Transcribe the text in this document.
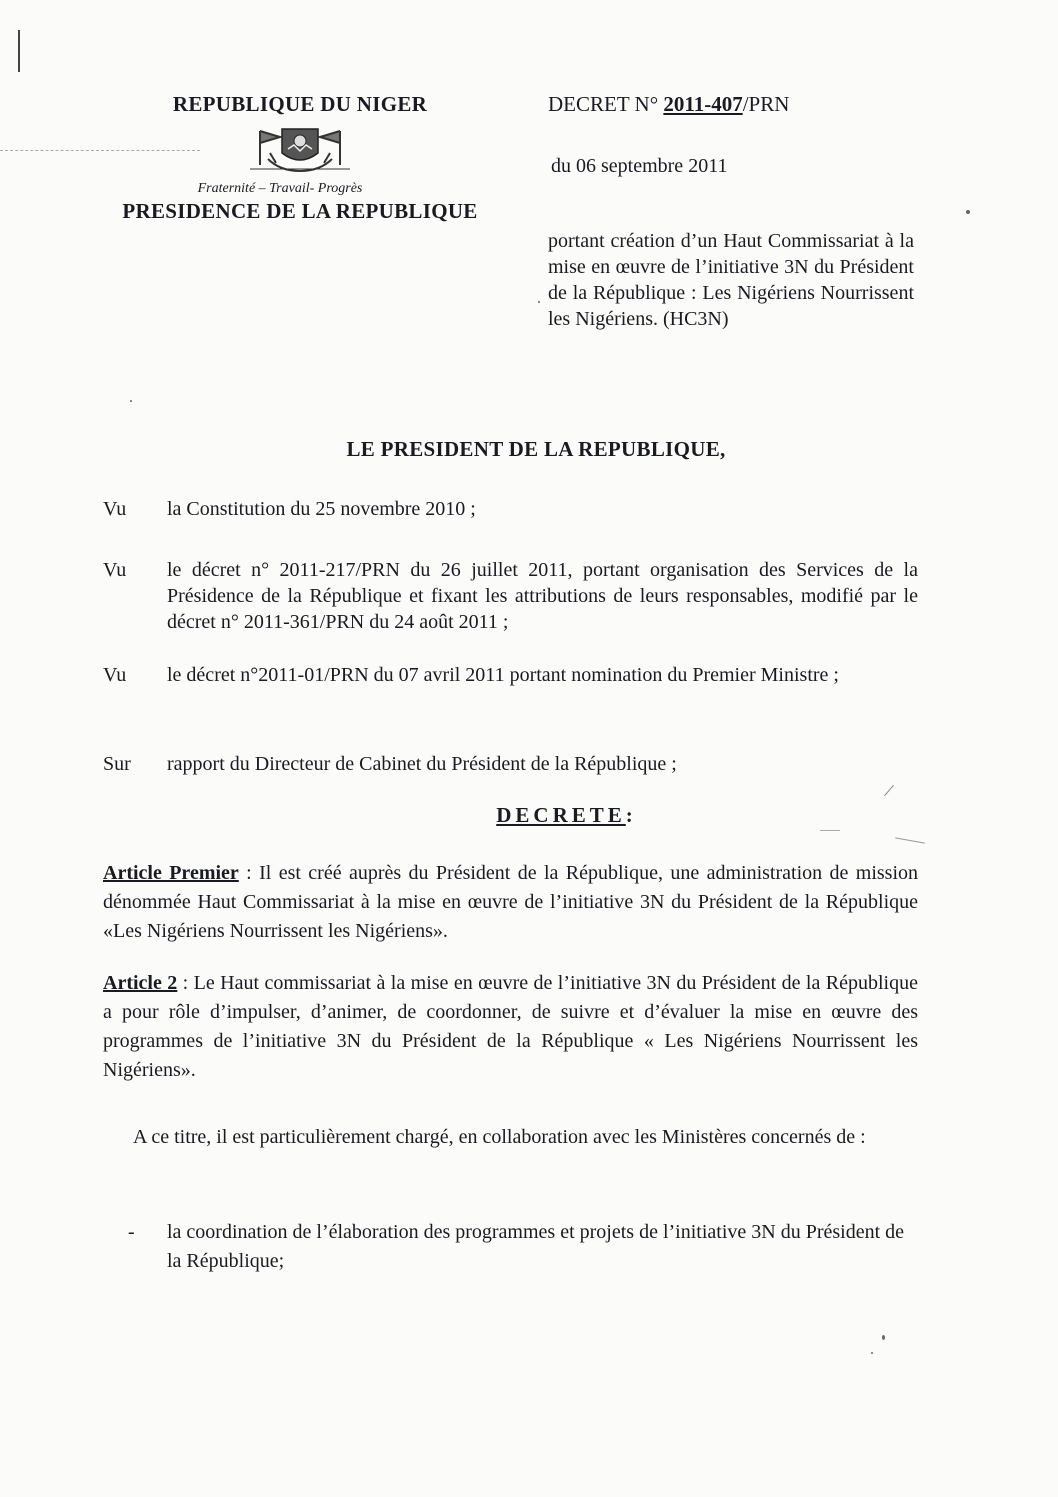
REPUBLIQUE DU NIGER
Fraternité – Travail- Progrès
PRESIDENCE DE LA REPUBLIQUE
DECRET N° 2011-407/PRN
du 06 septembre 2011
portant création d’un Haut Commissariat à la mise en œuvre de l’initiative 3N du Président de la République : Les Nigériens Nourrissent les Nigériens. (HC3N)
LE PRESIDENT DE LA REPUBLIQUE,
Vu la Constitution du 25 novembre 2010 ;
Vu le décret n° 2011-217/PRN du 26 juillet 2011, portant organisation des Services de la Présidence de la République et fixant les attributions de leurs responsables, modifié par le décret n° 2011-361/PRN du 24 août 2011 ;
Vu le décret n°2011-01/PRN du 07 avril 2011 portant nomination du Premier Ministre ;
Sur rapport du Directeur de Cabinet du Président de la République ;
DECRETE:
Article Premier : Il est créé auprès du Président de la République, une administration de mission dénommée Haut Commissariat à la mise en œuvre de l’initiative 3N du Président de la République «Les Nigériens Nourrissent les Nigériens».
Article 2 : Le Haut commissariat à la mise en œuvre de l’initiative 3N du Président de la République a pour rôle d’impulser, d’animer, de coordonner, de suivre et d’évaluer la mise en œuvre des programmes de l’initiative 3N du Président de la République « Les Nigériens Nourrissent les Nigériens».
A ce titre, il est particulièrement chargé, en collaboration avec les Ministères concernés de :
- la coordination de l’élaboration des programmes et projets de l’initiative 3N du Président de la République;
